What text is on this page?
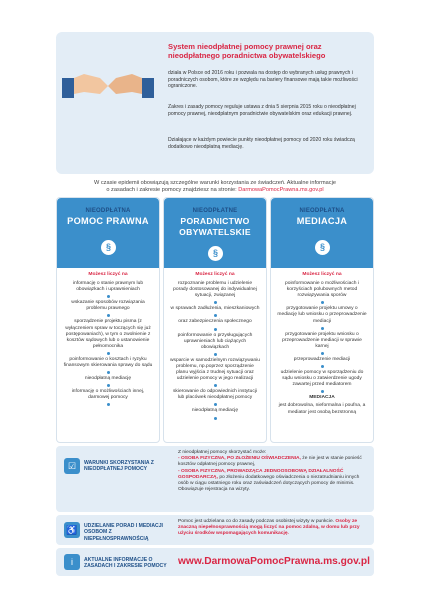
System nieodpłatnej pomocy prawnej oraz nieodpłatnego poradnictwa obywatelskiego
działa w Polsce od 2016 roku i pozwala na dostęp do wybranych usług prawnych i poradniczych osobom, które ze względu na bariery finansowe mają takie możliwości ograniczone.
Zakres i zasady pomocy reguluje ustawa z dnia 5 sierpnia 2015 roku o nieodpłatnej pomocy prawnej, nieodpłatnym poradnictwie obywatelskim oraz edukacji prawnej.
Działające w każdym powiecie punkty nieodpłatnej pomocy od 2020 roku świadczą dodatkowo nieodpłatną mediację.
W czasie epidemii obowiązują szczególne warunki korzystania ze świadczeń. Aktualne informacje
o zasadach i zakresie pomocy znajdziesz na stronie: DarmowaPomocPrawna.ms.gov.pl
NIEODPŁATNA
POMOC PRAWNA
§
Możesz liczyć na
informację o stanie prawnym lub obowiązkach i uprawnieniach
wskazanie sposobów rozwiązania problemu prawnego
sporządzenie projektu pisma (z wyłączeniem spraw w toczących się już postępowaniach), w tym o zwolnienie z kosztów sądowych lub o ustanowienie pełnomocnika
poinformowanie o kosztach i ryzyku finansowym skierowania sprawy do sądu
nieodpłatną mediację
informację o możliwościach innej, darmowej pomocy
NIEODPŁATNE
PORADNICTWO OBYWATELSKIE
§
Możesz liczyć na
rozpoznanie problemu i udzielenie porady dostosowanej do indywidualnej sytuacji, związanej
w sprawach zadłużenia, mieszkaniowych
oraz zabezpieczenia społecznego
poinformowanie o przysługujących uprawnieniach lub ciążących obowiązkach
wsparcie w samodzielnym rozwiązywaniu problemu, np.poprzez sporządzenie planu wyjścia z trudnej sytuacji oraz udzielenie pomocy w jego realizacji
skierowanie do odpowiednich instytucji lub placówek nieodpłatnej pomocy
nieodpłatną mediację
NIEODPŁATNA
MEDIACJA
§
Możesz liczyć na
poinformowanie o możliwościach i korzyściach polubownych metod rozwiązywania sporów
przygotowanie projektu umowy o mediację lub wniosku o przeprowadzenie mediacji
przygotowanie projektu wniosku o przeprowadzenie mediacji w sprawie karnej
przeprowadzenie mediacji
udzielenie pomocy w sporządzeniu do sądu wniosku o zatwierdzenie ugody zawartej przed mediatorem
MEDIACJA
jest dobrowolna, nieformalna i poufna, a mediator jest osobą bezstronną
☑	WARUNKI SKORZYSTANIA Z NIEODPŁATNEJ POMOCY
Z nieodpłatnej pomocy skorzystać może:
- OSOBA FIZYCZNA, PO ZŁOŻENIU OŚWIADCZENIA, że nie jest w stanie ponieść kosztów odpłatnej pomocy prawnej,
- OSOBA FIZYCZNA, PROWADZĄCA JEDNOOSOBOWĄ DZIAŁALNOŚĆ GOSPODARCZĄ, po złożeniu dodatkowego oświadczenia o niezatrudnianiu innych osób w ciągu ostatniego roku oraz zaświadczeń dotyczących pomocy de minimis.
Obowiązuje rejestracja na wizyty.
♿	UDZIELANIE PORAD I MEDIACJI OSOBOM Z NIEPEŁNOSPRAWNOŚCIĄ
Pomoc jest udzielana co do zasady podczas osobistej wizyty w punkcie. Osoby ze znaczną niepełnosprawnością mogą liczyć na pomoc zdalną, w domu lub przy użyciu środków wspomagających komunikację.
i	AKTUALNE INFORMACJE O ZASADACH I ZAKRESIE POMOCY	www.DarmowaPomocPrawna.ms.gov.pl
